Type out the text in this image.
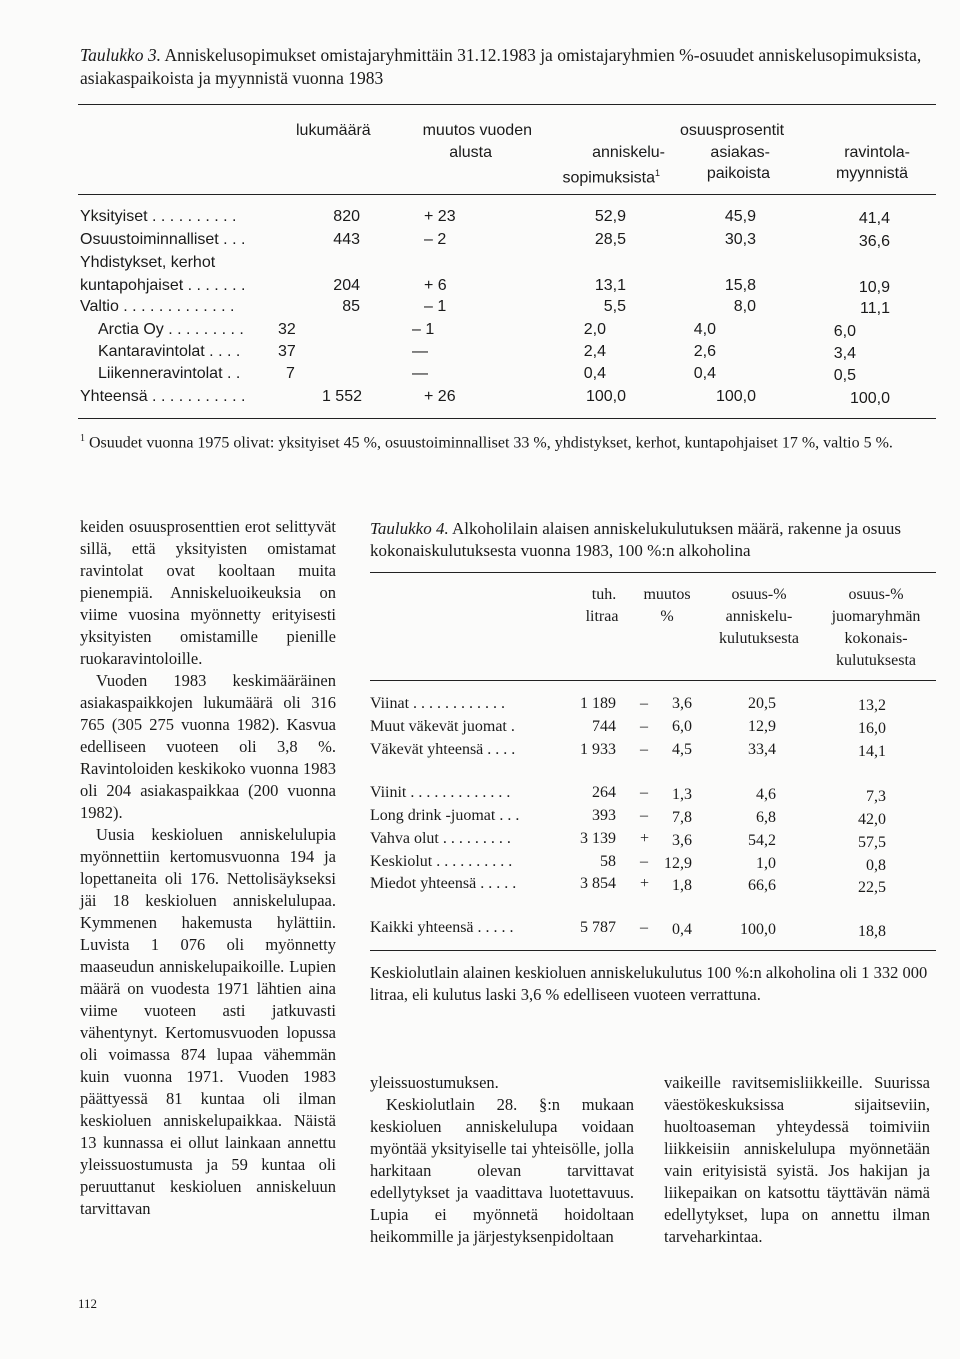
Taulukko 3. Anniskelusopimukset omistajaryhmittäin 31.12.1983 ja omistajaryhmien %-osuudet anniskelusopimuksista, asiakaspaikoista ja myynnistä vuonna 1983
lukumäärä	muutos vuoden
alusta
osuusprosentit
anniskelu-
sopimuksista$^1$
asiakas-
paikoista
ravintola-
myynnistä
Yksityiset . . . . . . . . . .	820	+ 23	52,9	45,9	41,4
Osuustoiminnalliset . . .	443	– 2	28,5	30,3	36,6
Yhdistykset, kerhot
kuntapohjaiset . . . . . . .	204	+ 6	13,1	15,8	10,9
Valtio . . . . . . . . . . . . .	85	– 1	5,5	8,0	11,1
Arctia Oy . . . . . . . . . 32	– 1	2,0	4,0	6,0
Kantaravintolat . . . . 37	—	2,4	2,6	3,4
Liikenneravintolat . .	7	—	0,4	0,4	0,5
Yhteensä . . . . . . . . . . .	1 552	+ 26	100,0	100,0	100,0
$^1$ Osuudet vuonna 1975 olivat: yksityiset 45 %, osuustoiminnalliset 33 %, yhdistykset, kerhot, kuntapohjaiset 17 %, valtio 5 %.
keiden osuusprosenttien erot selittyvät sillä, että yksityisten omistamat ravintolat ovat kooltaan muita pienempiä. Anniskeluoikeuksia on viime vuosina myönnetty erityisesti yksityisten omistamille pienille ruokaravintoloille.
Vuoden 1983 keskimääräinen asiakaspaikkojen lukumäärä oli 316 765 (305 275 vuonna 1982). Kasvua edelliseen vuoteen oli 3,8 %. Ravintoloiden keskikoko vuonna 1983 oli 204 asiakaspaikkaa (200 vuonna 1982).
Uusia keskioluen anniskelulupia myönnettiin kertomusvuonna 194 ja lopettaneita oli 176. Nettolisäykseksi jäi 18 keskioluen anniskelulupaa. Kymmenen hakemusta hylättiin. Luvista 1 076 oli myönnetty maaseudun anniskelupaikoille. Lupien määrä on vuodesta 1971 lähtien aina viime vuoteen asti jatkuvasti vähentynyt. Kertomusvuoden lopussa oli voimassa 874 lupaa vähemmän kuin vuonna 1971. Vuoden 1983 päättyessä 81 kuntaa oli ilman keskioluen anniskelupaikkaa. Näistä 13 kunnassa ei ollut lainkaan annettu yleissuostumusta ja 59 kuntaa oli peruuttanut keskioluen anniskeluun tarvittavan
Taulukko 4. Alkoholilain alaisen anniskelukulutuksen määrä, rakenne ja osuus kokonaiskulutuksesta vuonna 1983, 100 %:n alkoholina
tuh.
litraa
muutos
%
osuus-%
anniskelu-
kulutuksesta
osuus-%
juomaryhmän
kokonais-
kulutuksesta
Viinat . . . . . . . . . . . .	1 189 –	3,6	20,5	13,2
Muut väkevät juomat .	744 –	6,0	12,9	16,0
Väkevät yhteensä . . . .	1 933 –	4,5	33,4	14,1
Viinit . . . . . . . . . . . . .	264 –	1,3	4,6	7,3
Long drink -juomat . . .	393 –	7,8	6,8	42,0
Vahva olut . . . . . . . . .	3 139 +	3,6	54,2	57,5
Keskiolut . . . . . . . . . .	58 –	12,9	1,0	0,8
Miedot yhteensä . . . . .	3 854 +	1,8	66,6	22,5
Kaikki yhteensä . . . . .	5 787 –	0,4	100,0	18,8
Keskiolutlain alainen keskioluen anniskelukulutus 100 %:n alkoholina oli 1 332 000 litraa, eli kulutus laski 3,6 % edelliseen vuoteen verrattuna.
yleissuostumuksen.
Keskiolutlain 28. §:n mukaan keskioluen anniskelulupa voidaan myöntää yksityiselle tai yhteisölle, jolla harkitaan olevan tarvittavat edellytykset ja vaadittava luotettavuus. Lupia ei myönnetä hoidoltaan heikommille ja järjestyksenpidoltaan
vaikeille ravitsemisliikkeille. Suurissa väestökeskuksissa sijaitseviin, huoltoaseman yhteydessä toimiviin liikkeisiin anniskelulupa myönnetään vain erityisistä syistä. Jos hakijan ja liikepaikan on katsottu täyttävän nämä edellytykset, lupa on annettu ilman tarveharkintaa.
112
